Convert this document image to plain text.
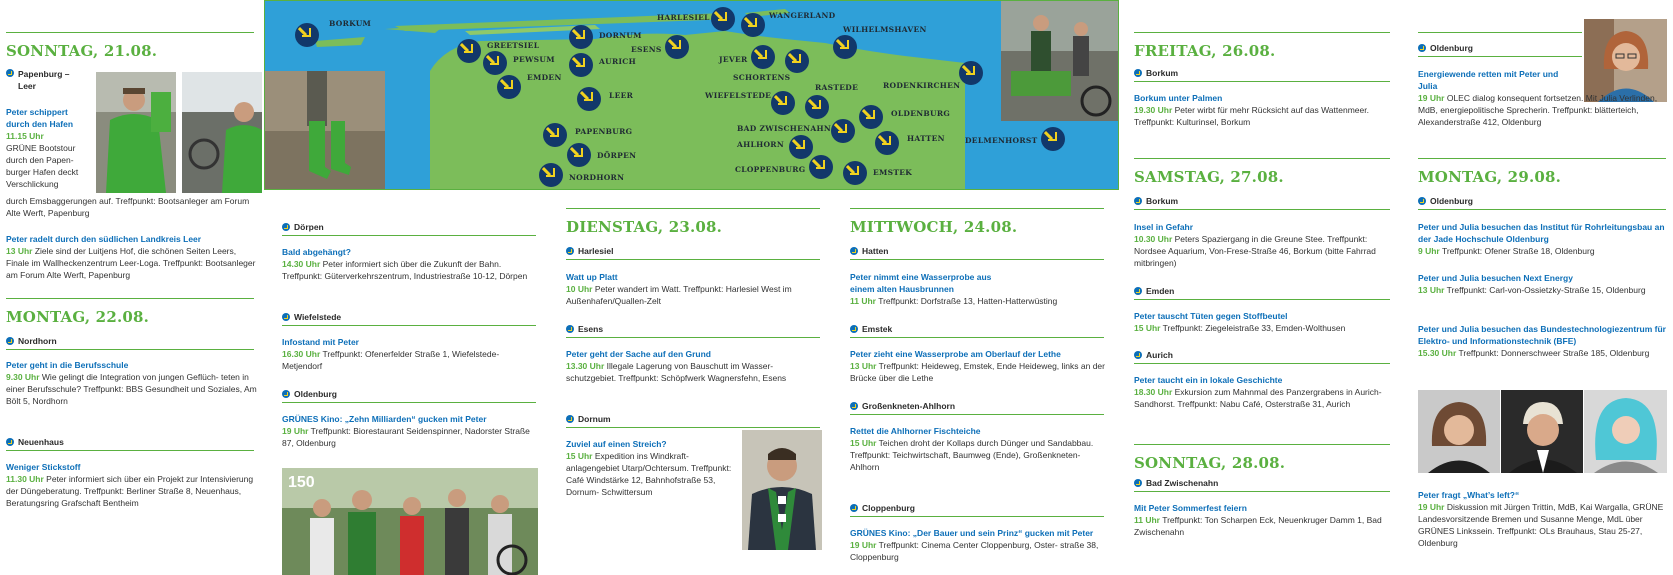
SONNTAG, 21.08.
Papenburg –
Leer
Peter schippert durch den Hafen
11.15 Uhr
GRÜNE Bootstour durch den Papen- burger Hafen deckt Verschlickung
durch Emsbaggerungen auf. Treffpunkt: Bootsanleger am Forum Alte Werft, Papenburg
Peter radelt durch den südlichen Landkreis Leer
13 Uhr Ziele sind der Luitjens Hof, die schönen Seiten Leers, Finale im Wallheckenzentrum Leer-Loga. Treffpunkt: Bootsanleger am Forum Alte Werft, Papenburg
MONTAG, 22.08.
Nordhorn
Peter geht in die Berufsschule
9.30 Uhr Wie gelingt die Integration von jungen Geflüch- teten in einer Berufsschule? Treffpunkt: BBS Gesundheit und Soziales, Am Bölt 5, Nordhorn
Neuenhaus
Weniger Stickstoff
11.30 Uhr Peter informiert sich über ein Projekt zur Intensivierung der Düngeberatung. Treffpunkt: Berliner Straße 8, Neuenhaus, Beratungsring Grafschaft Bentheim
BORKUM
GREETSIEL
PEWSUM
EMDEN
DORNUM
AURICH
ESENS
LEER
HARLESIEL	WANGERLAND
WILHELMSHAVEN
JEVER
SCHORTENS
RASTEDE	RODENKIRCHEN
WIEFELSTEDE
OLDENBURG
BAD ZWISCHENAHN
HATTEN
AHLHORN	DELMENHORST
PAPENBURG
DÖRPEN
NORDHORN
CLOPPENBURG	EMSTEK
Dörpen
Bald abgehängt?
14.30 Uhr Peter informiert sich über die Zukunft der Bahn. Treffpunkt: Güterverkehrszentrum, Industriestraße 10-12, Dörpen
Wiefelstede
Infostand mit Peter
16.30 Uhr Treffpunkt: Ofenerfelder Straße 1, Wiefelstede-Metjendorf
Oldenburg
GRÜNES Kino: „Zehn Milliarden“ gucken mit Peter
19 Uhr Treffpunkt: Biorestaurant Seidenspinner, Nadorster Straße 87, Oldenburg
150
DIENSTAG, 23.08.
Harlesiel
Watt up Platt
10 Uhr Peter wandert im Watt. Treffpunkt: Harlesiel West im Außenhafen/Quallen-Zelt
Esens
Peter geht der Sache auf den Grund
13.30 Uhr Illegale Lagerung von Bauschutt im Wasser- schutzgebiet. Treffpunkt: Schöpfwerk Wagnersfehn, Esens
Dornum
Zuviel auf einen Streich?
15 Uhr Expedition ins Windkraft- anlagengebiet Utarp/Ochtersum. Treffpunkt: Café Windstärke 12, Bahnhofstraße 53, Dornum- Schwittersum
MITTWOCH, 24.08.
Hatten
Peter nimmt eine Wasserprobe aus einem alten Hausbrunnen
11 Uhr Treffpunkt: Dorfstraße 13, Hatten-Hatterwüsting
Emstek
Peter zieht eine Wasserprobe am Oberlauf der Lethe
13 Uhr Treffpunkt: Heideweg, Emstek, Ende Heideweg, links an der Brücke über die Lethe
Großenkneten-Ahlhorn
Rettet die Ahlhorner Fischteiche
15 Uhr Teichen droht der Kollaps durch Dünger und Sandabbau. Treffpunkt: Teichwirtschaft, Baumweg (Ende), Großenkneten- Ahlhorn
Cloppenburg
GRÜNES Kino: „Der Bauer und sein Prinz“ gucken mit Peter
19 Uhr Treffpunkt: Cinema Center Cloppenburg, Oster- straße 38, Cloppenburg
FREITAG, 26.08.
Borkum
Borkum unter Palmen
19.30 Uhr Peter wirbt für mehr Rücksicht auf das Wattenmeer. Treffpunkt: Kulturinsel, Borkum
SAMSTAG, 27.08.
Borkum
Insel in Gefahr
10.30 Uhr Peters Spaziergang in die Greune Stee. Treffpunkt: Nordsee Aquarium, Von-Frese-Straße 46, Borkum (bitte Fahrrad mitbringen)
Emden
Peter tauscht Tüten gegen Stoffbeutel
15 Uhr Treffpunkt: Ziegeleistraße 33, Emden-Wolthusen
Aurich
Peter taucht ein in lokale Geschichte
18.30 Uhr Exkursion zum Mahnmal des Panzergrabens in Aurich-Sandhorst. Treffpunkt: Nabu Café, Osterstraße 31, Aurich
SONNTAG, 28.08.
Bad Zwischenahn
Mit Peter Sommerfest feiern
11 Uhr Treffpunkt: Ton Scharpen Eck, Neuenkruger Damm 1, Bad Zwischenahn
Oldenburg
Energiewende retten mit Peter und Julia
19 Uhr OLEC dialog konsequent fortsetzen. Mit Julia Verlinden, MdB, energiepolitische Sprecherin. Treffpunkt: blätterteich, Alexanderstraße 412, Oldenburg
MONTAG, 29.08.
Oldenburg
Peter und Julia besuchen das Institut für Rohrleitungsbau an der Jade Hochschule Oldenburg
9 Uhr Treffpunkt: Ofener Straße 18, Oldenburg
Peter und Julia besuchen Next Energy
13 Uhr Treffpunkt: Carl-von-Ossietzky-Straße 15, Oldenburg
Peter und Julia besuchen das Bundestechnologiezentrum für Elektro- und Informationstechnik (BFE)
15.30 Uhr Treffpunkt: Donnerschweer Straße 185, Oldenburg
Peter fragt „What’s left?“
19 Uhr Diskussion mit Jürgen Trittin, MdB, Kai Wargalla, GRÜNE Landesvorsitzende Bremen und Susanne Menge, MdL über GRÜNES Linkssein. Treffpunkt: OLs Brauhaus, Stau 25-27, Oldenburg
